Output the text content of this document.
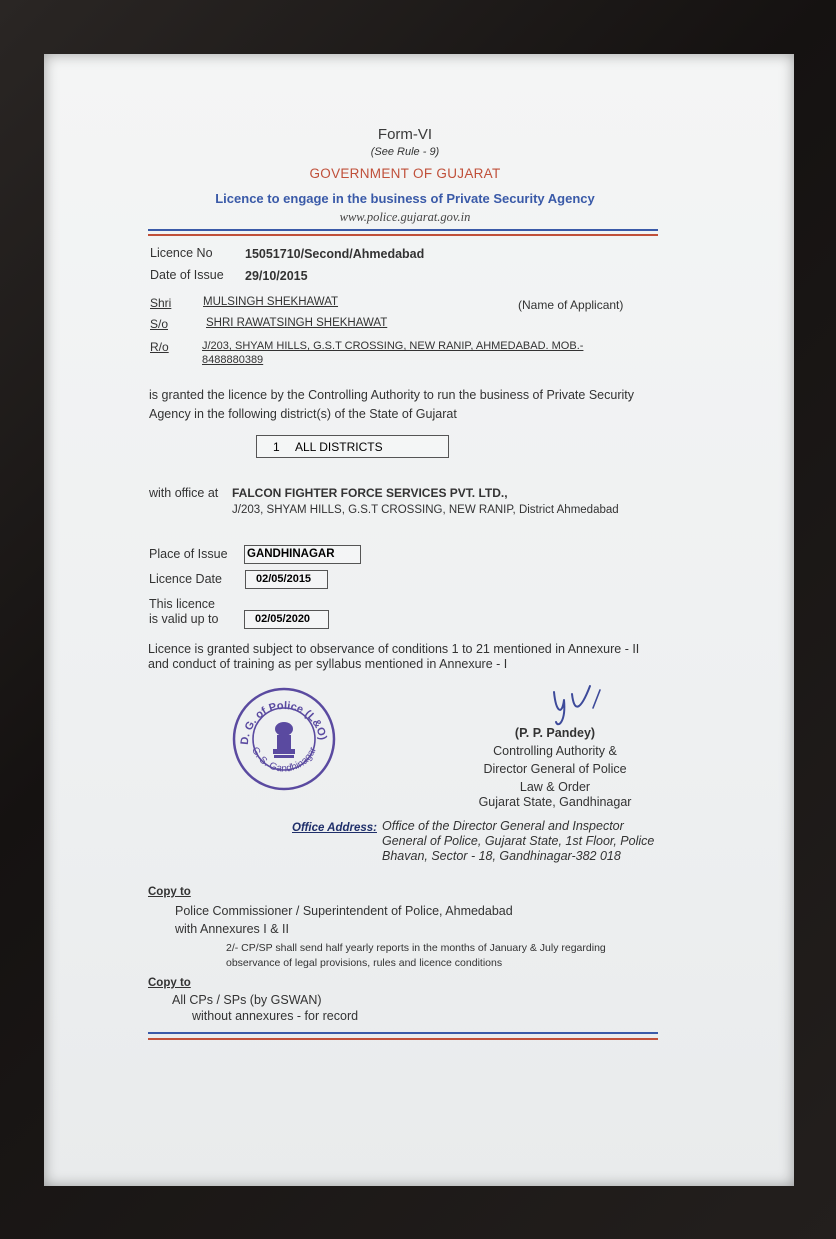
Form-VI
(See Rule - 9)
GOVERNMENT OF GUJARAT
Licence to engage in the business of Private Security Agency
www.police.gujarat.gov.in
Licence No	15051710/Second/Ahmedabad
Date of Issue 29/10/2015
Shri	MULSINGH SHEKHAWAT	(Name of Applicant)
S/o	SHRI RAWATSINGH SHEKHAWAT
R/o	J/203, SHYAM HILLS, G.S.T CROSSING, NEW RANIP, AHMEDABAD. MOB.-
8488880389
is granted the licence by the Controlling Authority to run the business of Private Security
Agency in the following district(s) of the State of Gujarat
1 ALL DISTRICTS
with office at FALCON FIGHTER FORCE SERVICES PVT. LTD.,
J/203, SHYAM HILLS, G.S.T CROSSING, NEW RANIP, District Ahmedabad
Place of Issue GANDHINAGAR
Licence Date	02/05/2015
This licence
is valid up to	02/05/2020
Licence is granted subject to observance of conditions 1 to 21 mentioned in Annexure - II
and conduct of training as per syllabus mentioned in Annexure - I
D. G. of Police (L&O)
G. S. Gandhinagar
(P. P. Pandey)
Controlling Authority &
Director General of Police
Law & Order
Gujarat State, Gandhinagar
Office Address: Office of the Director General and Inspector
General of Police, Gujarat State, 1st Floor, Police
Bhavan, Sector - 18, Gandhinagar-382 018
Copy to
Police Commissioner / Superintendent of Police, Ahmedabad
with Annexures I & II
2/- CP/SP shall send half yearly reports in the months of January & July regarding
observance of legal provisions, rules and licence conditions
Copy to
All CPs / SPs (by GSWAN)
without annexures - for record
